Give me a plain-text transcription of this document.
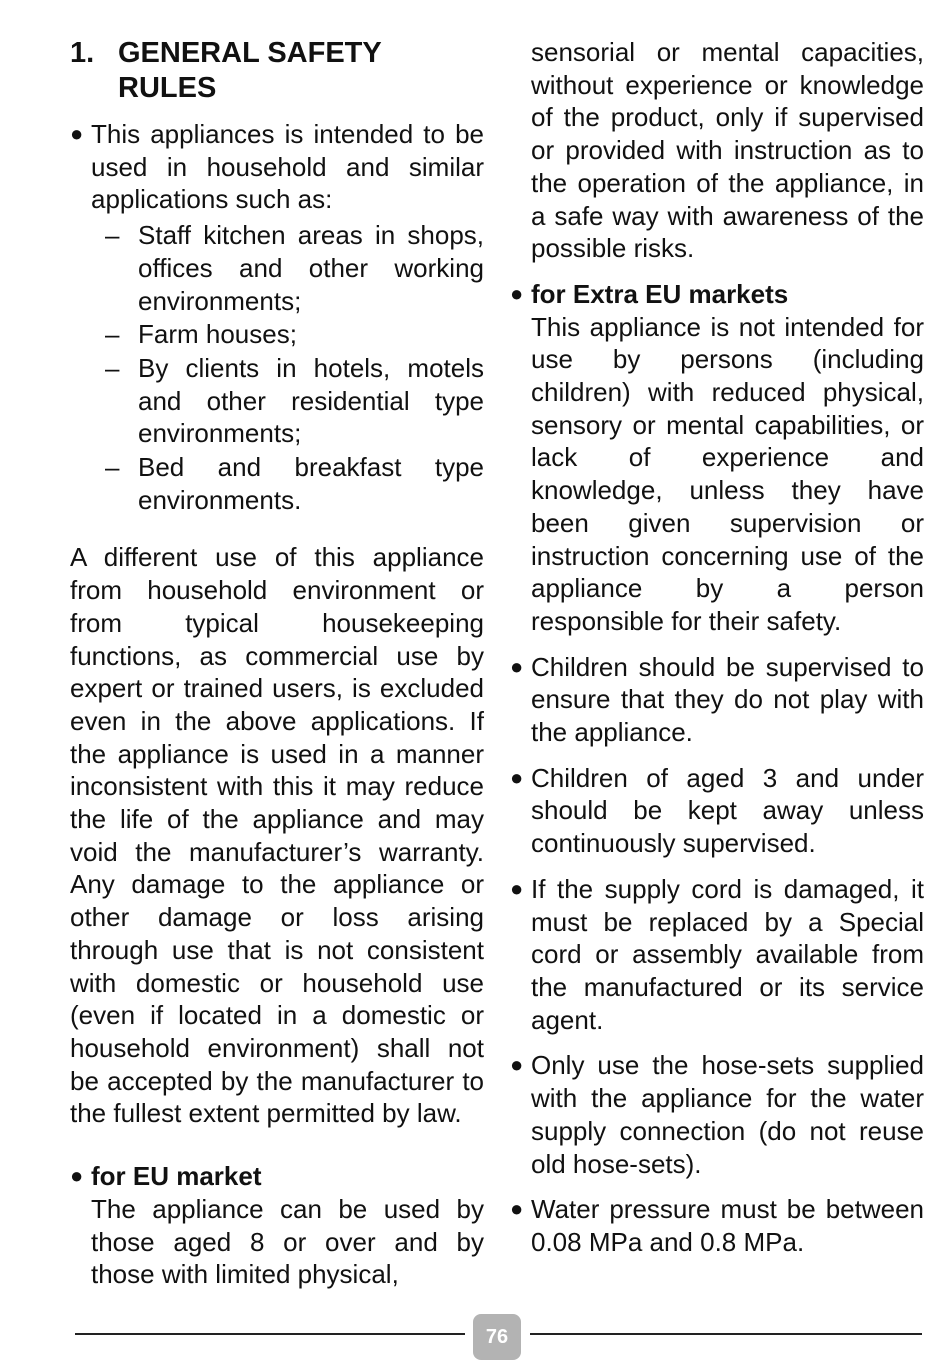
1. GENERAL SAFETY
RULES
● This appliances is intended to be used in household and similar applications such as:

– Staff kitchen areas in shops, offices and other working environments;
– Farm houses;
– By clients in hotels, motels and other residential type environments;
– Bed and breakfast type environments.

A different use of this appliance from household environment or from typical housekeeping functions, as commercial use by expert or trained users, is excluded even in the above applications. If the appliance is used in a manner inconsistent with this it may reduce the life of the appliance and may void the manufacturer’s warranty. Any damage to the appliance or other damage or loss arising through use that is not consistent with domestic or household use (even if located in a domestic or household environment) shall not be accepted by the manufacturer to the fullest extent permitted by law.

● for EU market

The appliance can be used by those aged 8 or over and by those with limited physical,

sensorial or mental capacities, without experience or knowledge of the product, only if supervised or provided with instruction as to the operation of the appliance, in a safe way with awareness of the possible risks.

● for Extra EU markets

This appliance is not intended for use by persons (including children) with reduced physical, sensory or mental capabilities, or lack of experience and knowledge, unless they have been given supervision or instruction concerning use of the appliance by a person responsible for their safety.

● Children should be supervised to ensure that they do not play with the appliance.

● Children of aged 3 and under should be kept away unless continuously supervised.

● If the supply cord is damaged, it must be replaced by a Special cord or assembly available from the manufactured or its service agent.

● Only use the hose-sets supplied with the appliance for the water supply connection (do not reuse old hose-sets).

● Water pressure must be between 0.08 MPa and 0.8 MPa.

76
